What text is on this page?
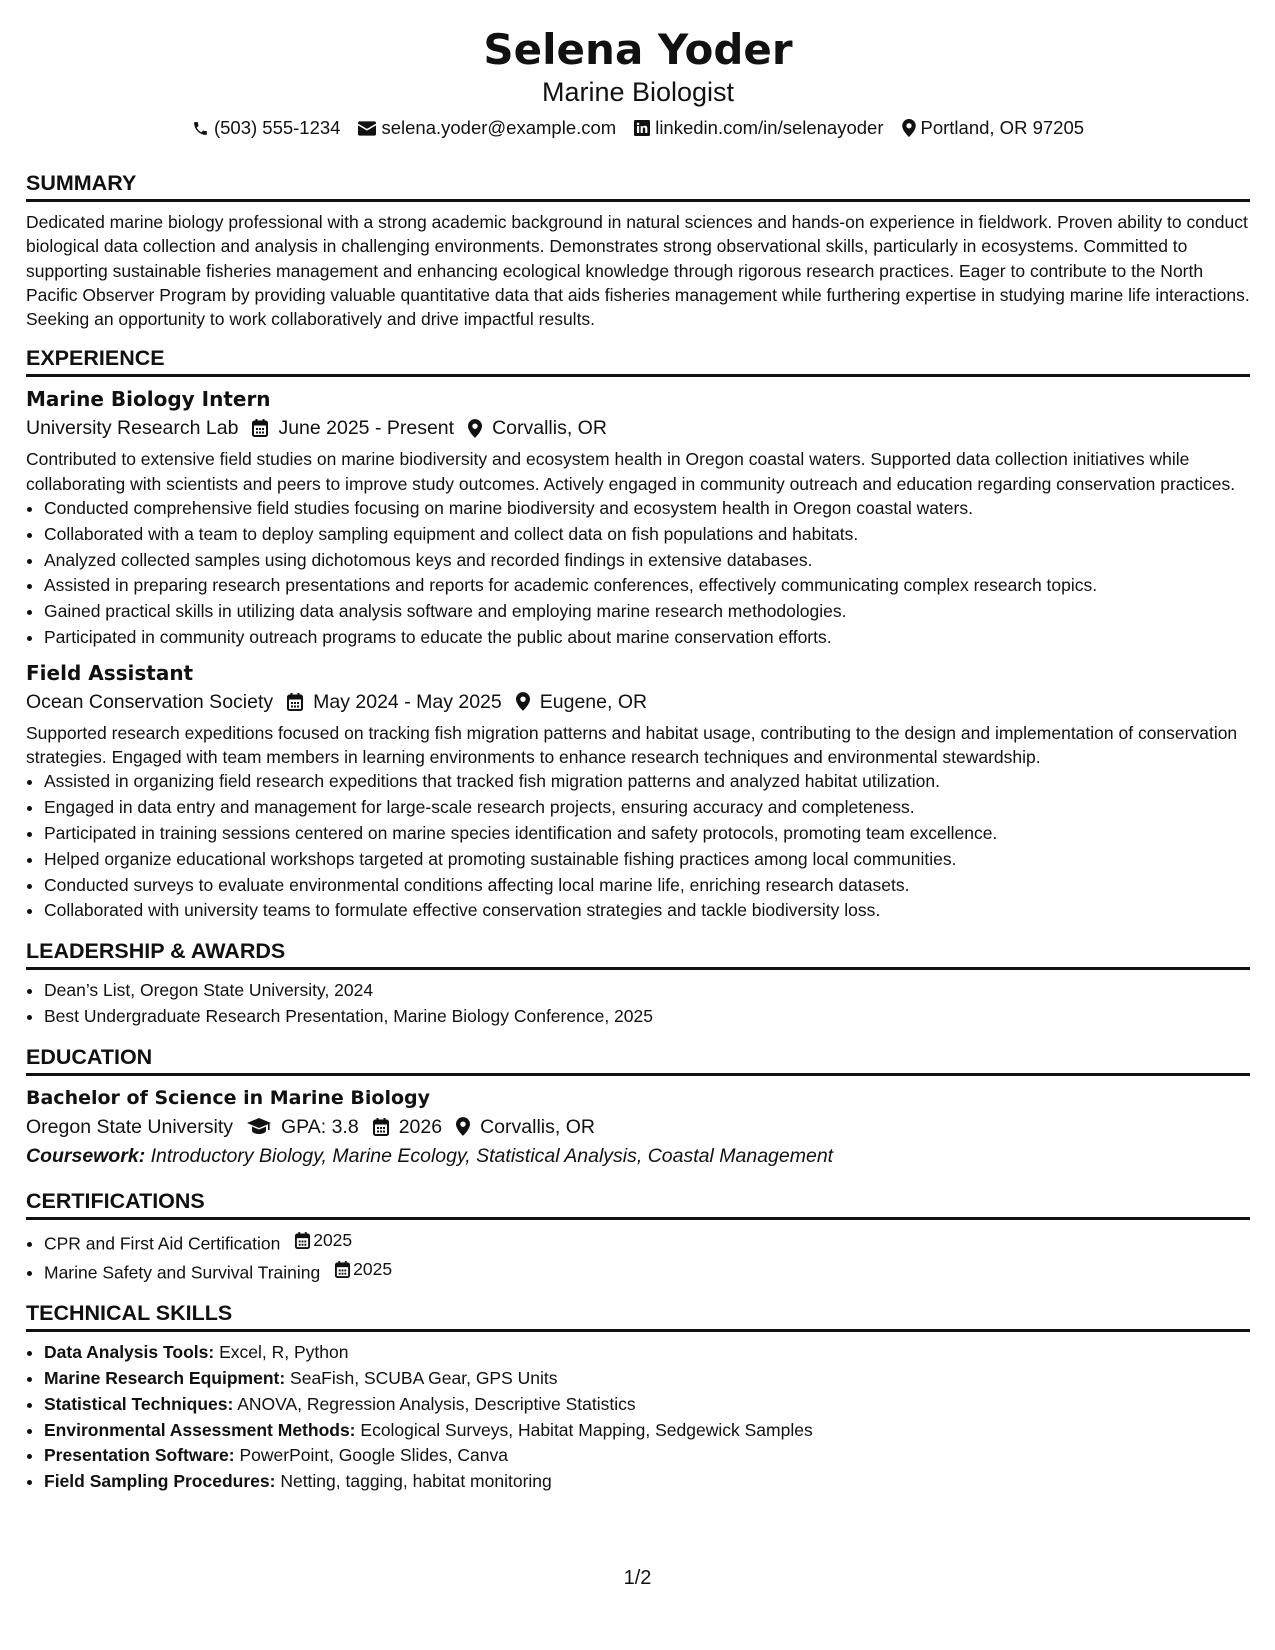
Selena Yoder
Marine Biologist
(503) 555-1234 selena.yoder@example.com linkedin.com/in/selenayoder Portland, OR 97205
SUMMARY

Dedicated marine biology professional with a strong academic background in natural sciences and hands-on experience in fieldwork. Proven ability to conduct biological data collection and analysis in challenging environments. Demonstrates strong observational skills, particularly in ecosystems. Committed to supporting sustainable fisheries management and enhancing ecological knowledge through rigorous research practices. Eager to contribute to the North Pacific Observer Program by providing valuable quantitative data that aids fisheries management while furthering expertise in studying marine life interactions. Seeking an opportunity to work collaboratively and drive impactful results.

EXPERIENCE
Marine Biology Intern
University Research Lab June 2025 - Present Corvallis, OR

Contributed to extensive field studies on marine biodiversity and ecosystem health in Oregon coastal waters. Supported data collection initiatives while collaborating with scientists and peers to improve study outcomes. Actively engaged in community outreach and education regarding conservation practices.

• Conducted comprehensive field studies focusing on marine biodiversity and ecosystem health in Oregon coastal waters.
• Collaborated with a team to deploy sampling equipment and collect data on fish populations and habitats.
• Analyzed collected samples using dichotomous keys and recorded findings in extensive databases.
• Assisted in preparing research presentations and reports for academic conferences, effectively communicating complex research topics.
• Gained practical skills in utilizing data analysis software and employing marine research methodologies.
• Participated in community outreach programs to educate the public about marine conservation efforts.
Field Assistant
Ocean Conservation Society May 2024 - May 2025 Eugene, OR

Supported research expeditions focused on tracking fish migration patterns and habitat usage, contributing to the design and implementation of conservation strategies. Engaged with team members in learning environments to enhance research techniques and environmental stewardship.

• Assisted in organizing field research expeditions that tracked fish migration patterns and analyzed habitat utilization.
• Engaged in data entry and management for large-scale research projects, ensuring accuracy and completeness.
• Participated in training sessions centered on marine species identification and safety protocols, promoting team excellence.
• Helped organize educational workshops targeted at promoting sustainable fishing practices among local communities.
• Conducted surveys to evaluate environmental conditions affecting local marine life, enriching research datasets.
• Collaborated with university teams to formulate effective conservation strategies and tackle biodiversity loss.
LEADERSHIP & AWARDS
• Dean’s List, Oregon State University, 2024
• Best Undergraduate Research Presentation, Marine Biology Conference, 2025
EDUCATION
Bachelor of Science in Marine Biology
Oregon State University GPA: 3.8 2026 Corvallis, OR
Coursework: Introductory Biology, Marine Ecology, Statistical Analysis, Coastal Management
CERTIFICATIONS
• CPR and First Aid Certification 2025
• Marine Safety and Survival Training 2025
TECHNICAL SKILLS
• Data Analysis Tools: Excel, R, Python
• Marine Research Equipment: SeaFish, SCUBA Gear, GPS Units
• Statistical Techniques: ANOVA, Regression Analysis, Descriptive Statistics
• Environmental Assessment Methods: Ecological Surveys, Habitat Mapping, Sedgewick Samples
• Presentation Software: PowerPoint, Google Slides, Canva
• Field Sampling Procedures: Netting, tagging, habitat monitoring
1/2
